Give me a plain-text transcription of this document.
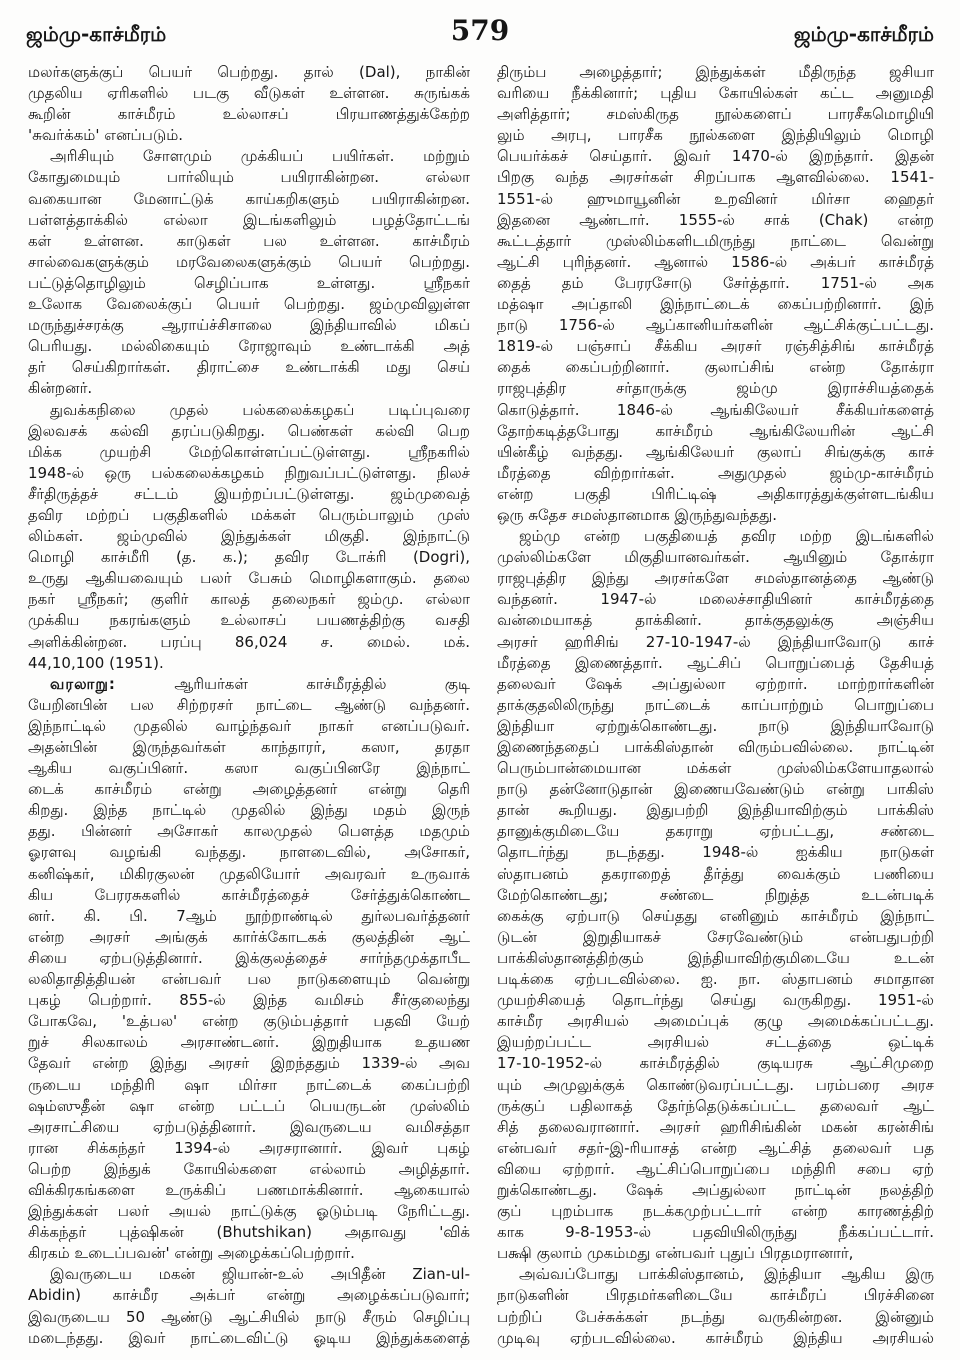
ஜம்மு-காச்மீரம்	579	ஜம்மு-காச்மீரம்
மலர்களுக்குப் பெயர் பெற்றது. தால் (Dal), நாகின்
முதலிய ஏரிகளில் படகு வீடுகள் உள்ளன. சுருங்கக்
கூறின் காச்மீரம் உல்லாசப் பிரயாணத்துக்கேற்ற
'சுவர்க்கம்' எனப்படும்.
அரிசியும் சோளமும் முக்கியப் பயிர்கள். மற்றும்
கோதுமையும் பார்லியும் பயிராகின்றன. எல்லா
வகையான மேனாட்டுக் காய்கறிகளும் பயிராகின்றன.
பள்ளத்தாக்கில் எல்லா இடங்களிலும் பழத்தோட்டங்
கள் உள்ளன. காடுகள் பல உள்ளன. காச்மீரம்
சால்வைகளுக்கும் மரவேலைகளுக்கும் பெயர் பெற்றது.
பட்டுத்தொழிலும் செழிப்பாக உள்ளது. ஸ்ரீநகர்
உலோக வேலைக்குப் பெயர் பெற்றது. ஜம்முவிலுள்ள
மருந்துச்சரக்கு ஆராய்ச்சிசாலை இந்தியாவில் மிகப்
பெரியது. மல்லிகையும் ரோஜாவும் உண்டாக்கி அத்
தர் செய்கிறார்கள். திராட்சை உண்டாக்கி மது செய்
கின்றனர்.
துவக்கநிலை முதல் பல்கலைக்கழகப் படிப்புவரை
இலவசக் கல்வி தரப்படுகிறது. பெண்கள் கல்வி பெற
மிக்க முயற்சி மேற்கொள்ளப்பட்டுள்ளது. ஸ்ரீநகரில்
1948-ல் ஒரு பல்கலைக்கழகம் நிறுவப்பட்டுள்ளது. நிலச்
சீர்திருத்தச் சட்டம் இயற்றப்பட்டுள்ளது. ஜம்முவைத்
தவிர மற்றப் பகுதிகளில் மக்கள் பெரும்பாலும் முஸ்
லிம்கள். ஜம்முவில் இந்துக்கள் மிகுதி. இந்நாட்டு
மொழி காச்மீரி (த. க.); தவிர டோக்ரி (Dogri),
உருது ஆகியவையும் பலர் பேசும் மொழிகளாகும். தலை
நகர் ஸ்ரீநகர்; குளிர் காலத் தலைநகர் ஜம்மு. எல்லா
முக்கிய நகரங்களும் உல்லாசப் பயணத்திற்கு வசதி
அளிக்கின்றன. பரப்பு 86,024 ச. மைல். மக்.
44,10,100 (1951).
வரலாறு:	ஆரியர்கள் காச்மீரத்தில் குடி
யேறினபின் பல சிற்றரசர் நாட்டை ஆண்டு வந்தனர்.
இந்நாட்டில் முதலில் வாழ்ந்தவர் நாகர் எனப்படுவர்.
அதன்பின் இருந்தவர்கள் காந்தாரர், கஸா, தரதா
ஆகிய வகுப்பினர். கஸா வகுப்பினரே இந்நாட்
டைக் காச்மீரம் என்று அழைத்தனர் என்று தெரி
கிறது. இந்த நாட்டில் முதலில் இந்து மதம் இருந்
தது. பின்னர் அசோகர் காலமுதல் பௌத்த மதமும்
ஓரளவு வழங்கி வந்தது. நாளடைவில், அசோகர்,
கனிஷ்கர், மிகிரகுலன் முதலியோர் அவரவர் உருவாக்
கிய பேரரசுகளில் காச்மீரத்தைச் சேர்த்துக்கொண்ட
னர். கி. பி. 7ஆம் நூற்றாண்டில் துர்லபவர்த்தனர்
என்ற அரசர் அங்குக் கார்க்கோடகக் குலத்தின் ஆட்
சியை ஏற்படுத்தினார். இக்குலத்தைச் சார்ந்தமுக்தாபீட
லலிதாதித்தியன் என்பவர் பல நாடுகளையும் வென்று
புகழ் பெற்றார். 855-ல் இந்த வமிசம் சீர்குலைந்து
போகவே, 'உத்பல' என்ற குடும்பத்தார் பதவி யேற்
றுச் சிலகாலம் அரசாண்டனர். இறுதியாக உதயண
தேவர் என்ற இந்து அரசர் இறந்ததும் 1339-ல் அவ
ருடைய மந்திரி ஷா மிர்சா நாட்டைக் கைப்பற்றி
ஷம்ஸுதீன் ஷா என்ற பட்டப் பெயருடன் முஸ்லிம்
அரசாட்சியை ஏற்படுத்தினார். இவருடைய வமிசத்தா
ரான சிக்கந்தர் 1394-ல் அரசரானார். இவர் புகழ்
பெற்ற இந்துக் கோயில்களை எல்லாம் அழித்தார்.
விக்கிரகங்களை உருக்கிப் பணமாக்கினார். ஆகையால்
இந்துக்கள் பலர் அயல் நாட்டுக்கு ஓடும்படி நேரிட்டது.
சிக்கந்தர் புத்ஷிகன் (Bhutshikan) அதாவது 'விக்
கிரகம் உடைப்பவன்' என்று அழைக்கப்பெற்றார்.
இவருடைய மகன் ஜியான்-உல் அபிதீன் Zian-ul-
Abidin) காச்மீர அக்பர் என்று அழைக்கப்படுவார்;
இவருடைய 50 ஆண்டு ஆட்சியில் நாடு சீரும் செழிப்பு
மடைந்தது. இவர் நாட்டைவிட்டு ஓடிய இந்துக்களைத்
திரும்ப அழைத்தார்; இந்துக்கள் மீதிருந்த ஜசியா
வரியை நீக்கினார்; புதிய கோயில்கள் கட்ட அனுமதி
அளித்தார்; சமஸ்கிருத நூல்களைப் பாரசீகமொழியி
லும் அரபு, பாரசீக நூல்களை இந்தியிலும் மொழி
பெயர்க்கச் செய்தார். இவர் 1470-ல் இறந்தார். இதன்
பிறகு வந்த அரசர்கள் சிறப்பாக ஆளவில்லை. 1541-
1551-ல் ஹுமாயூனின் உறவினர் மிர்சா ஹைதர்
இதனை ஆண்டார். 1555-ல் சாக் (Chak) என்ற
கூட்டத்தார் முஸ்லிம்களிடமிருந்து நாட்டை வென்று
ஆட்சி புரிந்தனர். ஆனால் 1586-ல் அக்பர் காச்மீரத்
தைத் தம் பேரரசோடு சேர்த்தார். 1751-ல் அக
மத்ஷா அப்தாலி இந்நாட்டைக் கைப்பற்றினார். இந்
நாடு 1756-ல் ஆப்கானியர்களின் ஆட்சிக்குட்பட்டது.
1819-ல் பஞ்சாப் சீக்கிய அரசர் ரஞ்சித்சிங் காச்மீரத்
தைக் கைப்பற்றினார். குலாப்சிங் என்ற தோக்ரா
ராஜபுத்திர சர்தாருக்கு ஜம்மு இராச்சியத்தைக்
கொடுத்தார். 1846-ல் ஆங்கிலேயர் சீக்கியர்களைத்
தோற்கடித்தபோது காச்மீரம் ஆங்கிலேயரின் ஆட்சி
யின்கீழ் வந்தது. ஆங்கிலேயர் குலாப் சிங்குக்கு காச்
மீரத்தை விற்றார்கள். அதுமுதல் ஜம்மு-காச்மீரம்
என்ற பகுதி பிரிட்டிஷ் அதிகாரத்துக்குள்ளடங்கிய
ஒரு சுதேச சமஸ்தானமாக இருந்துவந்தது.
ஜம்மு என்ற பகுதியைத் தவிர மற்ற இடங்களில்
முஸ்லிம்களே மிகுதியானவர்கள். ஆயினும் தோக்ரா
ராஜபுத்திர இந்து அரசர்களே சமஸ்தானத்தை ஆண்டு
வந்தனர். 1947-ல் மலைச்சாதியினர் காச்மீரத்தை
வன்மையாகத் தாக்கினர். தாக்குதலுக்கு அஞ்சிய
அரசர் ஹரிசிங் 27-10-1947-ல் இந்தியாவோடு காச்
மீரத்தை இணைத்தார். ஆட்சிப் பொறுப்பைத் தேசியத்
தலைவர் ஷேக் அப்துல்லா ஏற்றார். மாற்றார்களின்
தாக்குதலிலிருந்து நாட்டைக் காப்பாற்றும் பொறுப்பை
இந்தியா ஏற்றுக்கொண்டது. நாடு இந்தியாவோடு
இணைந்ததைப் பாக்கிஸ்தான் விரும்பவில்லை. நாட்டின்
பெரும்பான்மையான மக்கள் முஸ்லிம்களேயாதலால்
நாடு தன்னோடுதான் இணையவேண்டும் என்று பாகிஸ்
தான் கூறியது. இதுபற்றி இந்தியாவிற்கும் பாக்கிஸ்
தானுக்குமிடையே தகராறு ஏற்பட்டது, சண்டை
தொடர்ந்து நடந்தது. 1948-ல் ஐக்கிய நாடுகள்
ஸ்தாபனம் தகராறைத் தீர்த்து வைக்கும் பணியை
மேற்கொண்டது; சண்டை நிறுத்த உடன்படிக்
கைக்கு ஏற்பாடு செய்தது எனினும் காச்மீரம் இந்நாட்
டுடன் இறுதியாகச் சேரவேண்டும் என்பதுபற்றி
பாக்கிஸ்தானத்திற்கும் இந்தியாவிற்குமிடையே உடன்
படிக்கை ஏற்படவில்லை. ஐ. நா. ஸ்தாபனம் சமாதான
முயற்சியைத் தொடர்ந்து செய்து வருகிறது. 1951-ல்
காச்மீர அரசியல் அமைப்புக் குழு அமைக்கப்பட்டது.
இயற்றப்பட்ட அரசியல் சட்டத்தை ஒட்டிக்
17-10-1952-ல் காச்மீரத்தில் குடியரசு ஆட்சிமுறை
யும் அமுலுக்குக் கொண்டுவரப்பட்டது. பரம்பரை அரச
ருக்குப் பதிலாகத் தேர்ந்தெடுக்கப்பட்ட தலைவர் ஆட்
சித் தலைவரானார். அரசர் ஹரிசிங்கின் மகன் கரன்சிங்
என்பவர் சதர்-இ-ரியாசத் என்ற ஆட்சித் தலைவர் பத
வியை ஏற்றார். ஆட்சிப்பொறுப்பை மந்திரி சபை ஏற்
றுக்கொண்டது. ஷேக் அப்துல்லா நாட்டின் நலத்திற்
குப் புறம்பாக நடக்கமுற்பட்டார் என்ற காரணத்திற்
காக 9-8-1953-ல் பதவியிலிருந்து நீக்கப்பட்டார்.
பக்ஷி குலாம் முகம்மது என்பவர் புதுப் பிரதமரானார்,
அவ்வப்போது பாக்கிஸ்தானம், இந்தியா ஆகிய இரு
நாடுகளின் பிரதமர்களிடையே காச்மீரப் பிரச்சினை
பற்றிப் பேச்சுக்கள் நடந்து வருகின்றன. இன்னும்
முடிவு ஏற்படவில்லை. காச்மீரம் இந்திய அரசியல்
